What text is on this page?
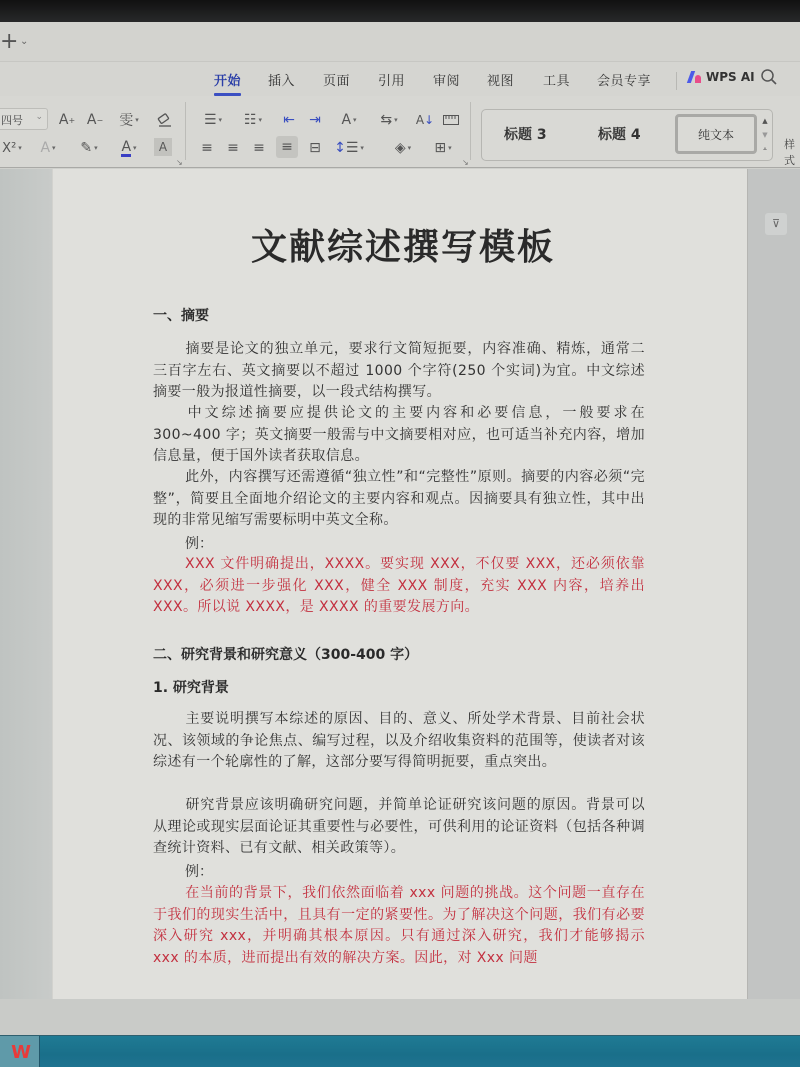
+ ⌄
开始 插入 页面 引用 审阅 视图 工具 会员专享	WPS AI
四号 ⌄ A + A −	雯 ▾	☰ ▾	☷ ▾	⇤	⇥	A ▾	⇆ ▾	A ↓
X² ▾	A ▾	✎ ▾ A ▾	A
↘
≡	≡	≡	≡	⊟ ↕ ☰ ▾	◈ ▾	⊞ ▾
↘
标题 3	标题 4	纯文本
▲
▼
⩡ 样式
文献综述撰写模板
一、摘要
摘要是论文的独立单元，要求行文简短扼要，内容准确、精炼，通常二三百字左右、英文摘要以不超过 1000 个字符(250 个实词)为宜。中文综述摘要一般为报道性摘要，以一段式结构撰写。
中文综述摘要应提供论文的主要内容和必要信息，一般要求在 300~400 字；英文摘要一般需与中文摘要相对应，也可适当补充内容，增加信息量，便于国外读者获取信息。
此外，内容撰写还需遵循“独立性”和“完整性”原则。摘要的内容必须“完整”，简要且全面地介绍论文的主要内容和观点。因摘要具有独立性，其中出现的非常见缩写需要标明中英文全称。
例：
XXX 文件明确提出，XXXX。要实现 XXX，不仅要 XXX，还必须依靠 XXX，必须进一步强化 XXX，健全 XXX 制度，充实 XXX 内容，培养出 XXX。所以说 XXXX，是 XXXX 的重要发展方向。
二、研究背景和研究意义（300-400 字）
1. 研究背景
主要说明撰写本综述的原因、目的、意义、所处学术背景、目前社会状况、该领域的争论焦点、编写过程，以及介绍收集资料的范围等，使读者对该综述有一个轮廓性的了解，这部分要写得简明扼要，重点突出。
研究背景应该明确研究问题，并简单论证研究该问题的原因。背景可以从理论或现实层面论证其重要性与必要性，可供利用的论证资料（包括各种调查统计资料、已有文献、相关政策等）。
例：
在当前的背景下，我们依然面临着 xxx 问题的挑战。这个问题一直存在于我们的现实生活中，且具有一定的紧要性。为了解决这个问题，我们有必要深入研究 xxx，并明确其根本原因。只有通过深入研究，我们才能够揭示 xxx 的本质，进而提出有效的解决方案。因此，对 Xxx 问题
⊽
W
